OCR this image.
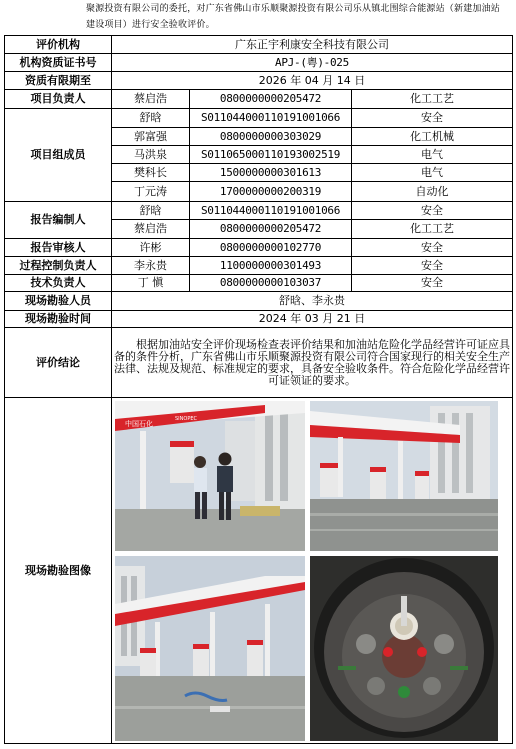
聚源投资有限公司的委托，对广东省佛山市乐顺聚源投资有限公司乐从镇北围综合能源站（新建加油站建设项目）进行安全验收评价。
评价机构	广东正宇利康安全科技有限公司		
机构资质证书号	APJ-(粤)-025		
资质有限期至	2026 年 04 月 14 日		
项目负责人	蔡启浩	0800000000205472	化工工艺
项目组成员	舒晗	S011044000110191001066	安全
	郭富强	0800000000303029	化工机械
	马洪泉	S011065000110193002519	电气
	樊科长	1500000000301613	电气
	丁元涛	1700000000200319	自动化
报告编制人	舒晗	S011044000110191001066	安全
	蔡启浩	0800000000205472	化工工艺
报告审核人	许彬	0800000000102770	安全
过程控制负责人	李永贵	1100000000301493	安全
技术负责人	丁 愼	0800000000103037	安全
现场勘验人员	舒晗、李永贵		
现场勘验时间	2024 年 03 月 21 日		
评价结论	根据加油站安全评价现场检查表评价结果和加油站危险化学品经营许可证应具备的条件分析，广东省佛山市乐顺聚源投资有限公司符合国家现行的相关安全生产法律、法规及规范、标准规定的要求，具备安全验收条件。符合危险化学品经营许可证领证的要求。		
现场勘验图像	中国石化
SINOPEC		
